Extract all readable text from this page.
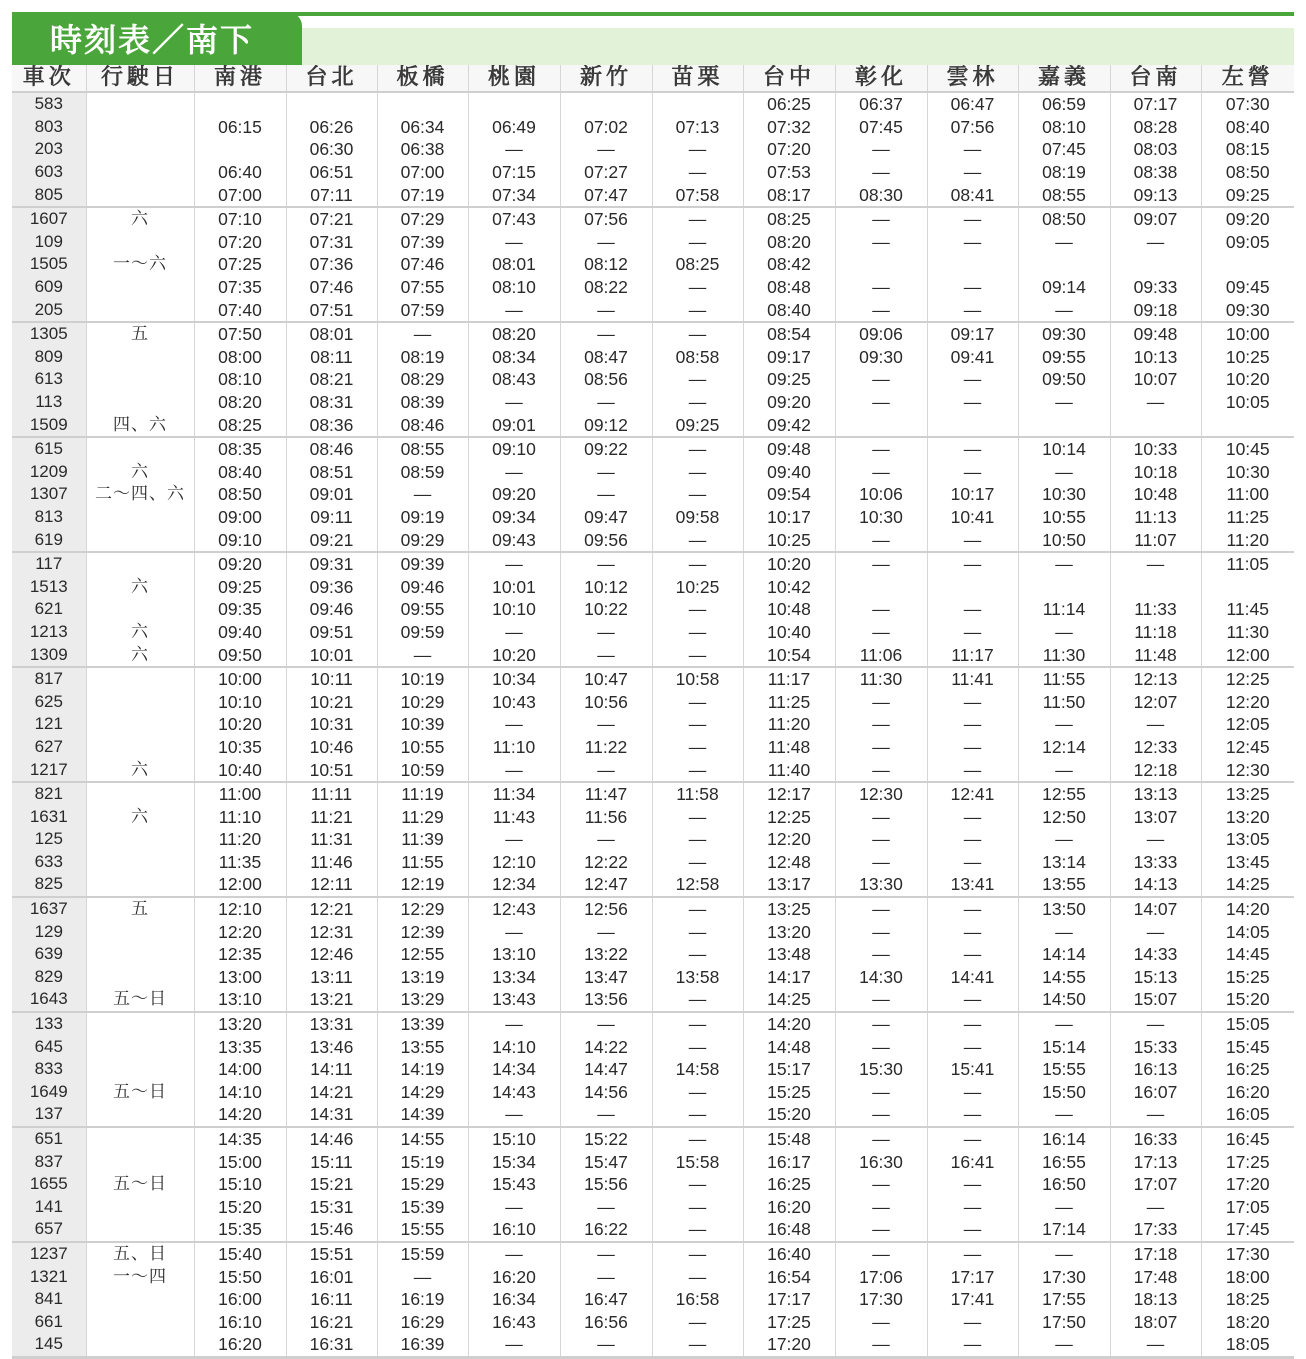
時刻表／南下
車次	行駛日	南港	台北	板橋	桃園	新竹	苗栗	台中	彰化	雲林	嘉義	台南	左營
583								06:25	06:37	06:47	06:59	07:17	07:30
803		06:15	06:26	06:34	06:49	07:02	07:13	07:32	07:45	07:56	08:10	08:28	08:40
203			06:30	06:38	—	—	—	07:20	—	—	07:45	08:03	08:15
603		06:40	06:51	07:00	07:15	07:27	—	07:53	—	—	08:19	08:38	08:50
805		07:00	07:11	07:19	07:34	07:47	07:58	08:17	08:30	08:41	08:55	09:13	09:25
1607	六	07:10	07:21	07:29	07:43	07:56	—	08:25	—	—	08:50	09:07	09:20
109		07:20	07:31	07:39	—	—	—	08:20	—	—	—	—	09:05
1505	一～六	07:25	07:36	07:46	08:01	08:12	08:25	08:42					
609		07:35	07:46	07:55	08:10	08:22	—	08:48	—	—	09:14	09:33	09:45
205		07:40	07:51	07:59	—	—	—	08:40	—	—	—	09:18	09:30
1305	五	07:50	08:01	—	08:20	—	—	08:54	09:06	09:17	09:30	09:48	10:00
809		08:00	08:11	08:19	08:34	08:47	08:58	09:17	09:30	09:41	09:55	10:13	10:25
613		08:10	08:21	08:29	08:43	08:56	—	09:25	—	—	09:50	10:07	10:20
113		08:20	08:31	08:39	—	—	—	09:20	—	—	—	—	10:05
1509	四、六	08:25	08:36	08:46	09:01	09:12	09:25	09:42					
615		08:35	08:46	08:55	09:10	09:22	—	09:48	—	—	10:14	10:33	10:45
1209	六	08:40	08:51	08:59	—	—	—	09:40	—	—	—	10:18	10:30
1307	二～四、六	08:50	09:01	—	09:20	—	—	09:54	10:06	10:17	10:30	10:48	11:00
813		09:00	09:11	09:19	09:34	09:47	09:58	10:17	10:30	10:41	10:55	11:13	11:25
619		09:10	09:21	09:29	09:43	09:56	—	10:25	—	—	10:50	11:07	11:20
117		09:20	09:31	09:39	—	—	—	10:20	—	—	—	—	11:05
1513	六	09:25	09:36	09:46	10:01	10:12	10:25	10:42					
621		09:35	09:46	09:55	10:10	10:22	—	10:48	—	—	11:14	11:33	11:45
1213	六	09:40	09:51	09:59	—	—	—	10:40	—	—	—	11:18	11:30
1309	六	09:50	10:01	—	10:20	—	—	10:54	11:06	11:17	11:30	11:48	12:00
817		10:00	10:11	10:19	10:34	10:47	10:58	11:17	11:30	11:41	11:55	12:13	12:25
625		10:10	10:21	10:29	10:43	10:56	—	11:25	—	—	11:50	12:07	12:20
121		10:20	10:31	10:39	—	—	—	11:20	—	—	—	—	12:05
627		10:35	10:46	10:55	11:10	11:22	—	11:48	—	—	12:14	12:33	12:45
1217	六	10:40	10:51	10:59	—	—	—	11:40	—	—	—	12:18	12:30
821		11:00	11:11	11:19	11:34	11:47	11:58	12:17	12:30	12:41	12:55	13:13	13:25
1631	六	11:10	11:21	11:29	11:43	11:56	—	12:25	—	—	12:50	13:07	13:20
125		11:20	11:31	11:39	—	—	—	12:20	—	—	—	—	13:05
633		11:35	11:46	11:55	12:10	12:22	—	12:48	—	—	13:14	13:33	13:45
825		12:00	12:11	12:19	12:34	12:47	12:58	13:17	13:30	13:41	13:55	14:13	14:25
1637	五	12:10	12:21	12:29	12:43	12:56	—	13:25	—	—	13:50	14:07	14:20
129		12:20	12:31	12:39	—	—	—	13:20	—	—	—	—	14:05
639		12:35	12:46	12:55	13:10	13:22	—	13:48	—	—	14:14	14:33	14:45
829		13:00	13:11	13:19	13:34	13:47	13:58	14:17	14:30	14:41	14:55	15:13	15:25
1643	五～日	13:10	13:21	13:29	13:43	13:56	—	14:25	—	—	14:50	15:07	15:20
133		13:20	13:31	13:39	—	—	—	14:20	—	—	—	—	15:05
645		13:35	13:46	13:55	14:10	14:22	—	14:48	—	—	15:14	15:33	15:45
833		14:00	14:11	14:19	14:34	14:47	14:58	15:17	15:30	15:41	15:55	16:13	16:25
1649	五～日	14:10	14:21	14:29	14:43	14:56	—	15:25	—	—	15:50	16:07	16:20
137		14:20	14:31	14:39	—	—	—	15:20	—	—	—	—	16:05
651		14:35	14:46	14:55	15:10	15:22	—	15:48	—	—	16:14	16:33	16:45
837		15:00	15:11	15:19	15:34	15:47	15:58	16:17	16:30	16:41	16:55	17:13	17:25
1655	五～日	15:10	15:21	15:29	15:43	15:56	—	16:25	—	—	16:50	17:07	17:20
141		15:20	15:31	15:39	—	—	—	16:20	—	—	—	—	17:05
657		15:35	15:46	15:55	16:10	16:22	—	16:48	—	—	17:14	17:33	17:45
1237	五、日	15:40	15:51	15:59	—	—	—	16:40	—	—	—	17:18	17:30
1321	一～四	15:50	16:01	—	16:20	—	—	16:54	17:06	17:17	17:30	17:48	18:00
841		16:00	16:11	16:19	16:34	16:47	16:58	17:17	17:30	17:41	17:55	18:13	18:25
661		16:10	16:21	16:29	16:43	16:56	—	17:25	—	—	17:50	18:07	18:20
145		16:20	16:31	16:39	—	—	—	17:20	—	—	—	—	18:05
